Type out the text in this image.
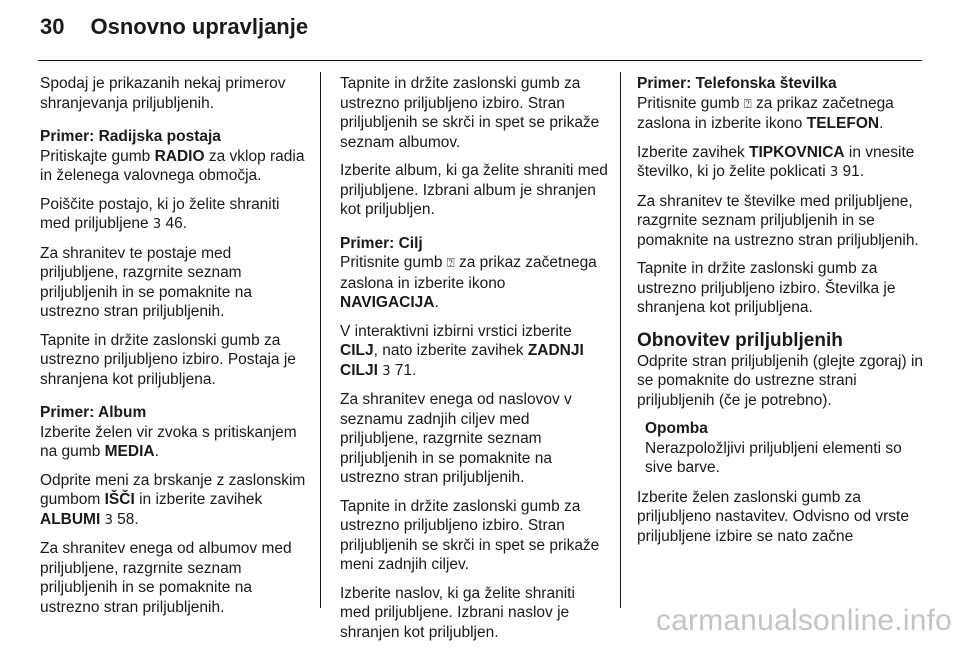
30 Osnovno upravljanje

Spodaj je prikazanih nekaj primerov shranjevanja priljubljenih.

Primer: Radijska postaja

Pritiskajte gumb RADIO za vklop radia in želenega valovnega območja.

Poiščite postajo, ki jo želite shraniti med priljubljene 3 46.

Za shranitev te postaje med priljubljene, razgrnite seznam priljubljenih in se pomaknite na ustrezno stran priljubljenih.

Tapnite in držite zaslonski gumb za ustrezno priljubljeno izbiro. Postaja je shranjena kot priljubljena.

Primer: Album

Izberite želen vir zvoka s pritiskanjem na gumb MEDIA.

Odprite meni za brskanje z zaslonskim gumbom IŠČI in izberite zavihek ALBUMI 3 58.

Za shranitev enega od albumov med priljubljene, razgrnite seznam priljubljenih in se pomaknite na ustrezno stran priljubljenih.

Tapnite in držite zaslonski gumb za ustrezno priljubljeno izbiro. Stran priljubljenih se skrči in spet se prikaže seznam albumov.

Izberite album, ki ga želite shraniti med priljubljene. Izbrani album je shranjen kot priljubljen.

Primer: Cilj

Pritisnite gumb ⍰ za prikaz začetnega zaslona in izberite ikono NAVIGACIJA.

V interaktivni izbirni vrstici izberite CILJ, nato izberite zavihek ZADNJI CILJI 3 71.

Za shranitev enega od naslovov v seznamu zadnjih ciljev med priljubljene, razgrnite seznam priljubljenih in se pomaknite na ustrezno stran priljubljenih.

Tapnite in držite zaslonski gumb za ustrezno priljubljeno izbiro. Stran priljubljenih se skrči in spet se prikaže meni zadnjih ciljev.

Izberite naslov, ki ga želite shraniti med priljubljene. Izbrani naslov je shranjen kot priljubljen.

Primer: Telefonska številka

Pritisnite gumb ⍰ za prikaz začetnega zaslona in izberite ikono TELEFON.

Izberite zavihek TIPKOVNICA in vnesite številko, ki jo želite poklicati 3 91.

Za shranitev te številke med priljubljene, razgrnite seznam priljubljenih in se pomaknite na ustrezno stran priljubljenih.

Tapnite in držite zaslonski gumb za ustrezno priljubljeno izbiro. Številka je shranjena kot priljubljena.

Obnovitev priljubljenih

Odprite stran priljubljenih (glejte zgoraj) in se pomaknite do ustrezne strani priljubljenih (če je potrebno).

Opomba
Nerazpoložljivi priljubljeni elementi so sive barve.

Izberite želen zaslonski gumb za priljubljeno nastavitev. Odvisno od vrste priljubljene izbire se nato začne

carmanualsonline.info
